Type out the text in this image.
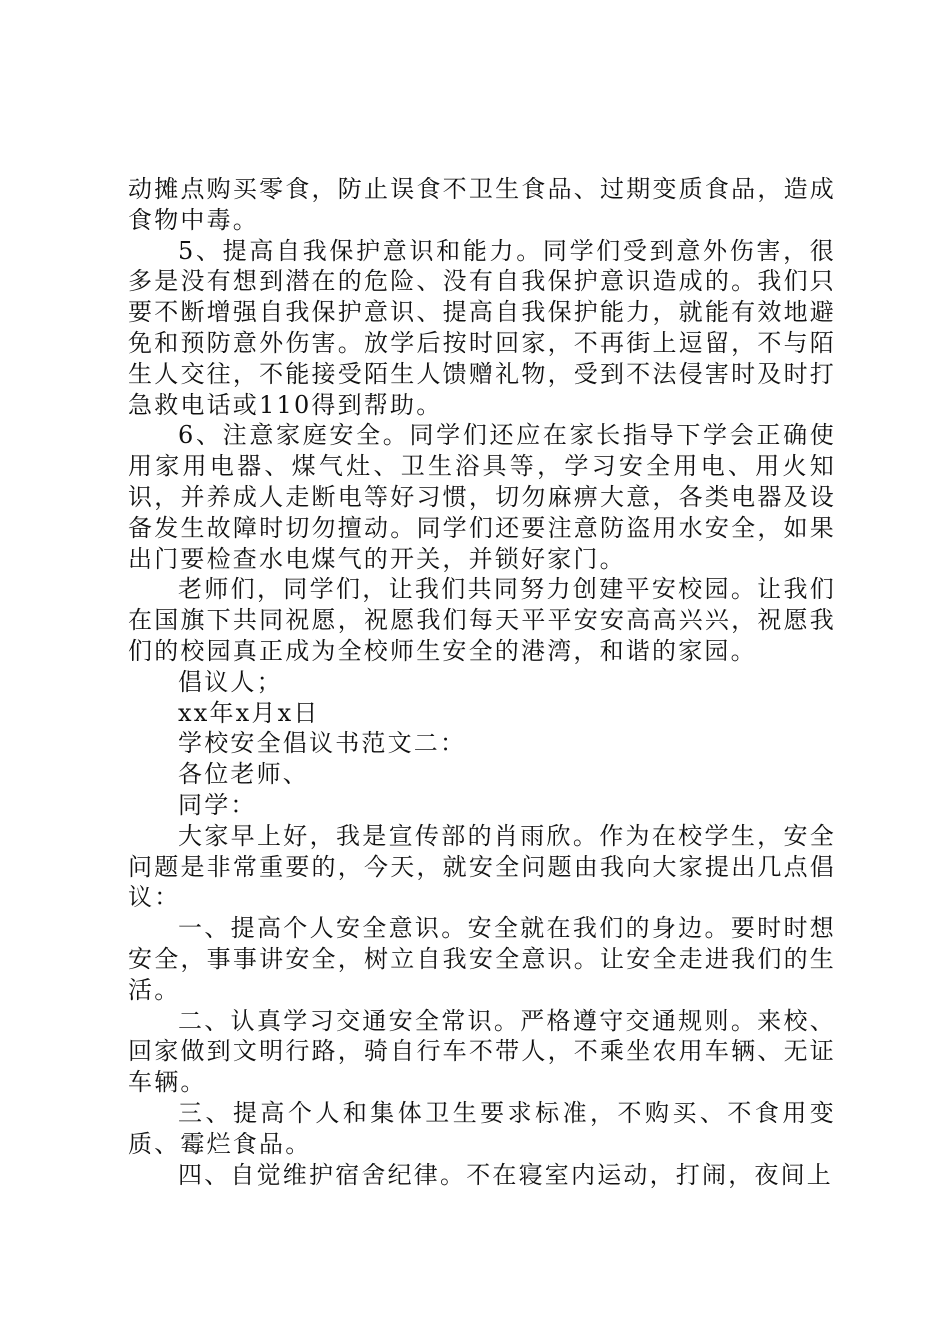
动摊点购买零食，防止误食不卫生食品、过期变质食品，造成食物中毒。

5、提高自我保护意识和能力。同学们受到意外伤害，很多是没有想到潜在的危险、没有自我保护意识造成的。我们只要不断增强自我保护意识、提高自我保护能力，就能有效地避免和预防意外伤害。放学后按时回家，不再街上逗留，不与陌生人交往，不能接受陌生人馈赠礼物，受到不法侵害时及时打急救电话或110得到帮助。

6、注意家庭安全。同学们还应在家长指导下学会正确使用家用电器、煤气灶、卫生浴具等，学习安全用电、用火知识，并养成人走断电等好习惯，切勿麻痹大意，各类电器及设备发生故障时切勿擅动。同学们还要注意防盗用水安全，如果出门要检查水电煤气的开关，并锁好家门。

老师们，同学们，让我们共同努力创建平安校园。让我们在国旗下共同祝愿，祝愿我们每天平平安安高高兴兴，祝愿我们的校园真正成为全校师生安全的港湾，和谐的家园。

倡议人；

xx年x月x日

学校安全倡议书范文二：

各位老师、

同学：

大家早上好，我是宣传部的肖雨欣。作为在校学生，安全问题是非常重要的，今天，就安全问题由我向大家提出几点倡议：

一、提高个人安全意识。安全就在我们的身边。要时时想安全，事事讲安全，树立自我安全意识。让安全走进我们的生活。

二、认真学习交通安全常识。严格遵守交通规则。来校、回家做到文明行路，骑自行车不带人，不乘坐农用车辆、无证车辆。

三、提高个人和集体卫生要求标准，不购买、不食用变质、霉烂食品。

四、自觉维护宿舍纪律。不在寝室内运动，打闹，夜间上
